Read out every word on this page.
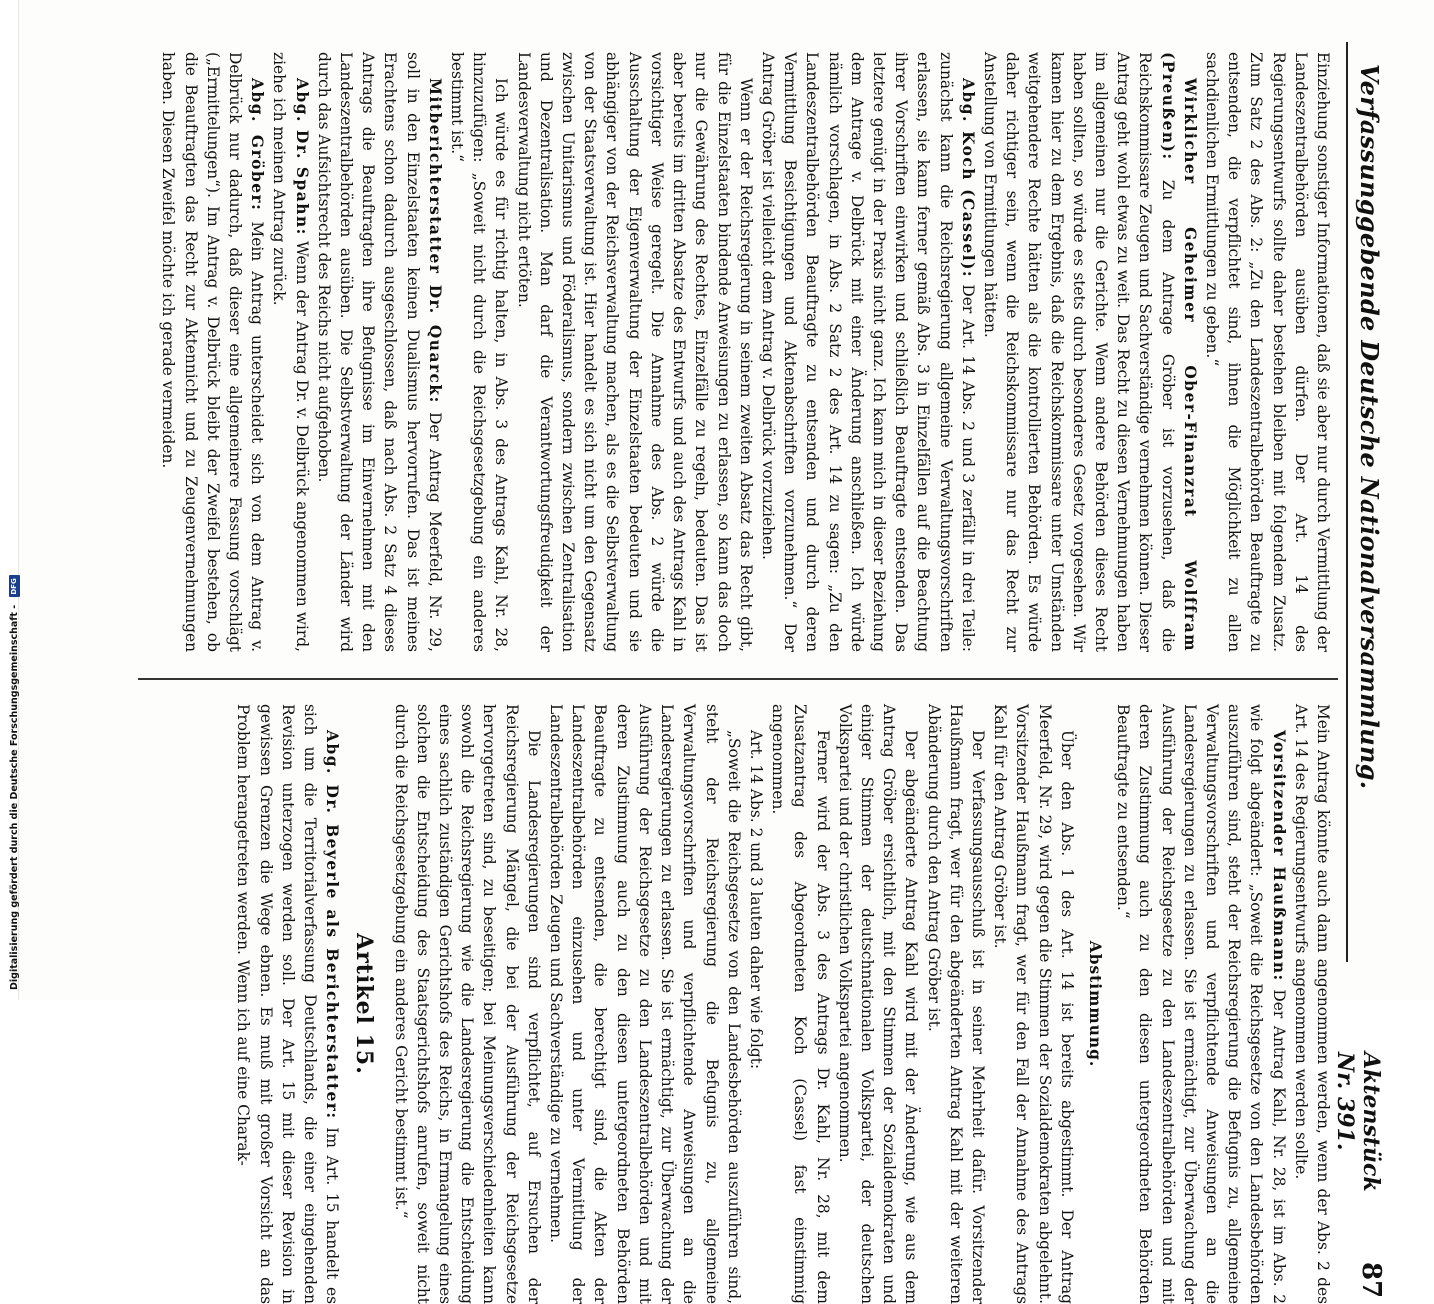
Digitalisierung gefördert durch die Deutsche Forschungsgemeinschaft - DFG	Verfassunggebende Deutsche Nationalversammlung.
Aktenstück Nr. 391.
87

Einziehung sonstiger Informationen, daß sie aber nur durch Vermittlung der Landeszentralbehörden ausüben dürfen. Der Art. 14 des Regierungsentwurfs sollte daher bestehen bleiben mit folgendem Zusatz. Zum Satz 2 des Abs. 2: „Zu den Landeszentralbehörden Beauftragte zu entsenden, die verpflichtet sind, ihnen die Möglichkeit zu allen sachdienlichen Ermittlungen zu geben.“

Wirklicher Geheimer Ober-Finanzrat Wolffram (Preußen): Zu dem Antrage Gröber ist vorzusehen, daß die Reichskommissare Zeugen und Sachverständige vernehmen können. Dieser Antrag geht wohl etwas zu weit. Das Recht zu diesen Vernehmungen haben im allgemeinen nur die Gerichte. Wenn andere Behörden dieses Recht haben sollten, so würde es stets durch besonderes Gesetz vorgesehen. Wir kamen hier zu dem Ergebnis, daß die Reichskommissare unter Umständen weitgehendere Rechte hätten als die kontrollierten Behörden. Es würde daher richtiger sein, wenn die Reichskommissare nur das Recht zur Anstellung von Ermittlungen hätten.

Abg. Koch (Cassel): Der Art. 14 Abs. 2 und 3 zerfällt in drei Teile: zunächst kann die Reichsregierung allgemeine Verwaltungsvorschriften erlassen, sie kann ferner gemäß Abs. 3 in Einzelfällen auf die Beachtung ihrer Vorschriften einwirken und schließlich Beauftragte entsenden. Das letztere genügt in der Praxis nicht ganz. Ich kann mich in dieser Beziehung dem Antrage v. Delbrück mit einer Änderung anschließen. Ich würde nämlich vorschlagen, in Abs. 2 Satz 2 des Art. 14 zu sagen: „Zu den Landeszentralbehörden Beauftragte zu entsenden und durch deren Vermittlung Besichtigungen und Aktenabschriften vorzunehmen.“ Der Antrag Gröber ist vielleicht dem Antrag v. Delbrück vorzuziehen.

Wenn er der Reichsregierung in seinem zweiten Absatz das Recht gibt, für die Einzelstaaten bindende Anweisungen zu erlassen, so kann das doch nur die Gewährung des Rechtes, Einzelfälle zu regeln, bedeuten. Das ist aber bereits im dritten Absatze des Entwurfs und auch des Antrags Kahl in vorsichtiger Weise geregelt. Die Annahme des Abs. 2 würde die Ausschaltung der Eigenverwaltung der Einzelstaaten bedeuten und sie abhängiger von der Reichsverwaltung machen, als es die Selbstverwaltung von der Staatsverwaltung ist. Hier handelt es sich nicht um den Gegensatz zwischen Unitarismus und Föderalismus, sondern zwischen Zentralisation und Dezentralisation. Man darf die Verantwortungsfreudigkeit der Landesverwaltung nicht ertöten.

Ich würde es für richtig halten, in Abs. 3 des Antrags Kahl, Nr. 28, hinzuzufügen: „Soweit nicht durch die Reichsgesetzgebung ein anderes bestimmt ist.“

Mitberichterstatter Dr. Quarck: Der Antrag Meerfeld, Nr. 29, soll in den Einzelstaaten keinen Dualismus hervorrufen. Das ist meines Erachtens schon dadurch ausgeschlossen, daß nach Abs. 2 Satz 4 dieses Antrags die Beauftragten ihre Befugnisse im Einvernehmen mit den Landeszentralbehörden ausüben. Die Selbstverwaltung der Länder wird durch das Aufsichtsrecht des Reichs nicht aufgehoben.

Abg. Dr. Spahn: Wenn der Antrag Dr. v. Delbrück angenommen wird, ziehe ich meinen Antrag zurück.

Abg. Gröber: Mein Antrag unterscheidet sich von dem Antrag v. Delbrück nur dadurch, daß dieser eine allgemeinere Fassung vorschlägt („Ermittelungen“). Im Antrag v. Delbrück bleibt der Zweifel bestehen, ob die Beauftragten das Recht zur Aktennicht und zu Zeugenvernehmungen haben. Diesen Zweifel möchte ich gerade vermeiden.

Mein Antrag könnte auch dann angenommen werden, wenn der Abs. 2 des Art. 14 des Regierungsentwurfs angenommen werden sollte.

Vorsitzender Haußmann: Der Antrag Kahl, Nr. 28, ist im Abs. 2 wie folgt abgeändert: „Soweit die Reichsgesetze von den Landesbehörden auszuführen sind, steht der Reichsregierung die Befugnis zu, allgemeine Verwaltungsvorschriften und verpflichtende Anweisungen an die Landesregierungen zu erlassen. Sie ist ermächtigt, zur Überwachung der Ausführung der Reichsgesetze zu den Landeszentralbehörden und mit deren Zustimmung auch zu den diesen untergeordneten Behörden Beauftragte zu entsenden.“

Abstimmung.

Über den Abs. 1 des Art. 14 ist bereits abgestimmt. Der Antrag Meerfeld, Nr. 29, wird gegen die Stimmen der Sozialdemokraten abgelehnt. Vorsitzender Haußmann fragt, wer für den Fall der Annahme des Antrags Kahl für den Antrag Gröber ist.

Der Verfassungsausschuß ist in seiner Mehrheit dafür. Vorsitzender Haußmann fragt, wer für den abgeänderten Antrag Kahl mit der weiteren Abänderung durch den Antrag Gröber ist.

Der abgeänderte Antrag Kahl wird mit der Änderung, wie aus dem Antrag Gröber ersichtlich, mit den Stimmen der Sozialdemokraten und einiger Stimmen der deutschnationalen Volkspartei, der deutschen Volkspartei und der christlichen Volkspartei angenommen.

Ferner wird der Abs. 3 des Antrags Dr. Kahl, Nr. 28, mit dem Zusatzantrag des Abgeordneten Koch (Cassel) fast einstimmig angenommen.

Art. 14 Abs. 2 und 3 lauten daher wie folgt:

„Soweit die Reichsgesetze von den Landesbehörden auszuführen sind, steht der Reichsregierung die Befugnis zu, allgemeine Verwaltungsvorschriften und verpflichtende Anweisungen an die Landesregierungen zu erlassen. Sie ist ermächtigt, zur Überwachung der Ausführung der Reichsgesetze zu den Landeszentralbehörden und mit deren Zustimmung auch zu den diesen untergeordneten Behörden Beauftragte zu entsenden, die berechtigt sind, die Akten der Landeszentralbehörden einzusehen und unter Vermittlung der Landeszentralbehörden Zeugen und Sachverständige zu vernehmen.

Die Landesregierungen sind verpflichtet, auf Ersuchen der Reichsregierung Mängel, die bei der Ausführung der Reichsgesetze hervorgetreten sind, zu beseitigen; bei Meinungsverschiedenheiten kann sowohl die Reichsregierung wie die Landesregierung die Entscheidung eines sachlich zuständigen Gerichtshofs des Reichs, in Ermangelung eines solchen die Entscheidung des Staatsgerichtshofs anrufen, soweit nicht durch die Reichsgesetzgebung ein anderes Gericht bestimmt ist.“

Artikel 15.

Abg. Dr. Beyerle als Berichterstatter: Im Art. 15 handelt es sich um die Territorialverfassung Deutschlands, die einer eingehenden Revision unterzogen werden soll. Der Art. 15 mit dieser Revision in gewissen Grenzen die Wege ebnen. Es muß mit großer Vorsicht an das Problem herangetreten werden. Wenn ich auf eine Charak-
